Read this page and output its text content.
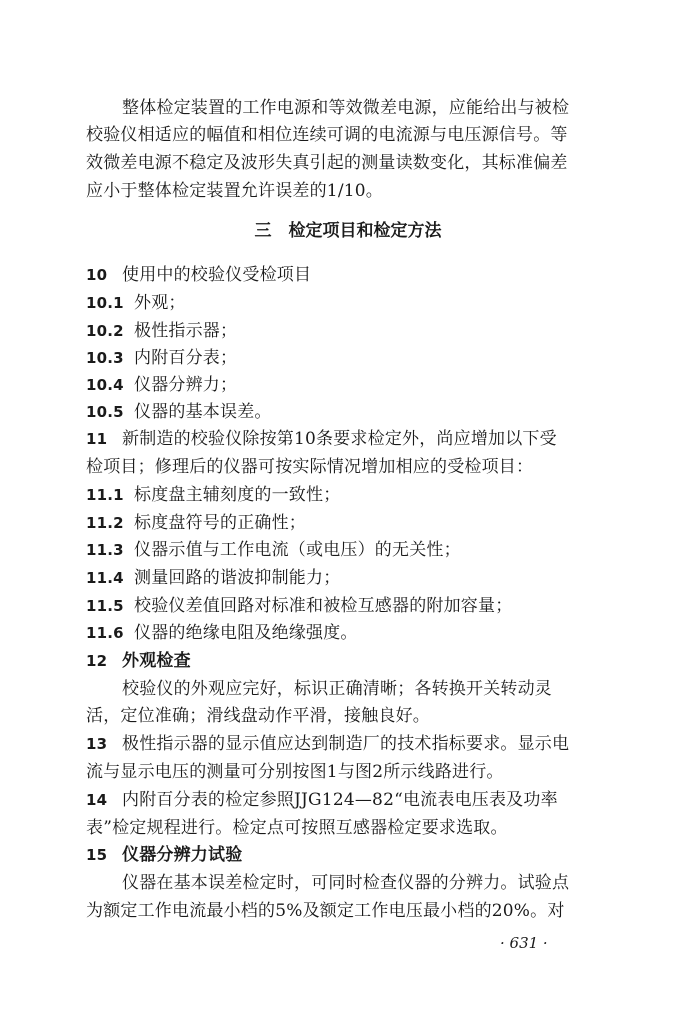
整体检定装置的工作电源和等效微差电源，应能给出与被检
校验仪相适应的幅值和相位连续可调的电流源与电压源信号。等
效微差电源不稳定及波形失真引起的测量读数变化，其标准偏差
应小于整体检定装置允许误差的1/10。
三　检定项目和检定方法
10 使用中的校验仪受检项目
10.1 外观；
10.2 极性指示器；
10.3 内附百分表；
10.4 仪器分辨力；
10.5 仪器的基本误差。
11 新制造的校验仪除按第10条要求检定外，尚应增加以下受
检项目；修理后的仪器可按实际情况增加相应的受检项目：
11.1 标度盘主辅刻度的一致性；
11.2 标度盘符号的正确性；
11.3 仪器示值与工作电流（或电压）的无关性；
11.4 测量回路的谐波抑制能力；
11.5 校验仪差值回路对标准和被检互感器的附加容量；
11.6 仪器的绝缘电阻及绝缘强度。
12 外观检查
校验仪的外观应完好，标识正确清晰；各转换开关转动灵
活，定位准确；滑线盘动作平滑，接触良好。
13 极性指示器的显示值应达到制造厂的技术指标要求。显示电
流与显示电压的测量可分别按图1与图2所示线路进行。
14 内附百分表的检定参照JJG124—82“电流表电压表及功率
表”检定规程进行。检定点可按照互感器检定要求选取。
15 仪器分辨力试验
仪器在基本误差检定时，可同时检查仪器的分辨力。试验点
为额定工作电流最小档的5%及额定工作电压最小档的20%。对
· 631 ·
